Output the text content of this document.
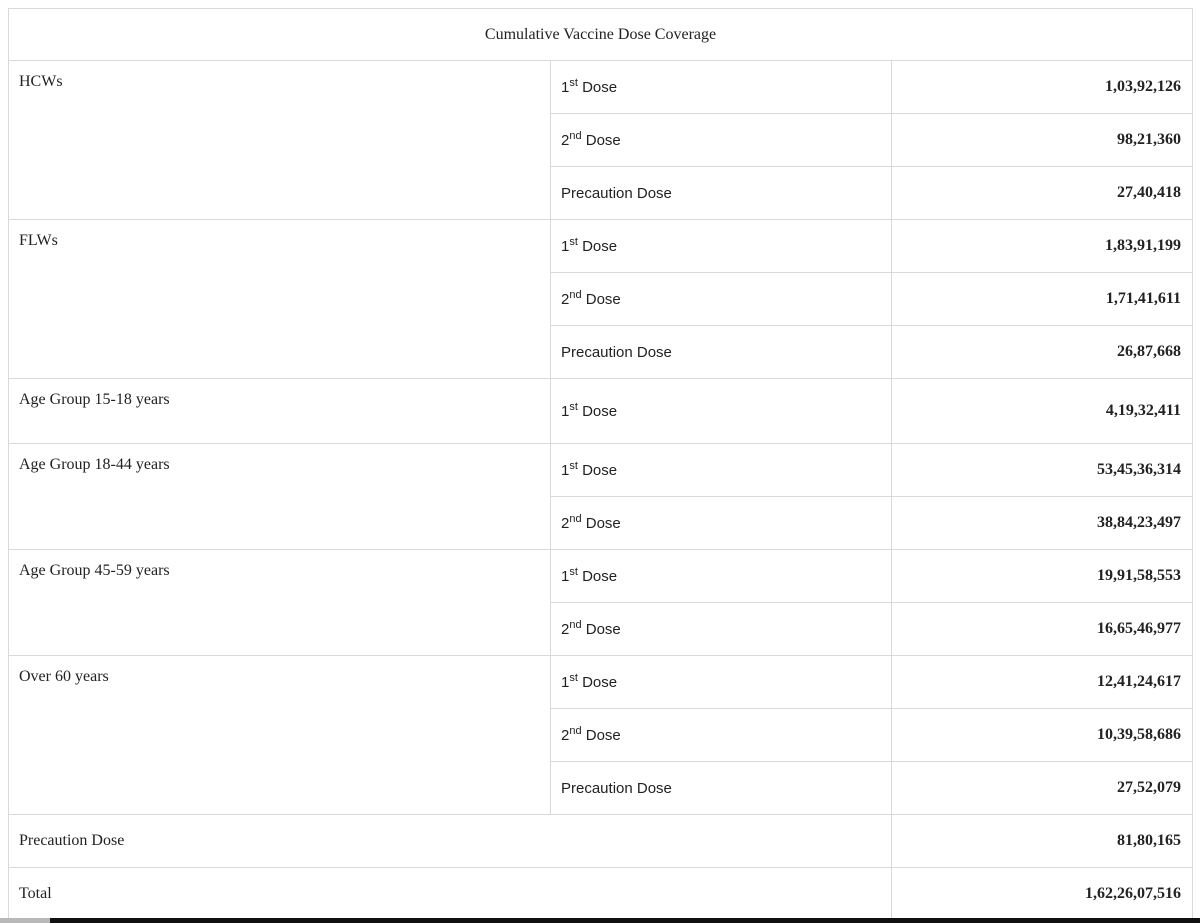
Cumulative Vaccine Dose Coverage		
HCWs	1st Dose	1,03,92,126
	2nd Dose	98,21,360
	Precaution Dose	27,40,418
FLWs	1st Dose	1,83,91,199
	2nd Dose	1,71,41,611
	Precaution Dose	26,87,668
Age Group 15-18 years	1st Dose	4,19,32,411
Age Group 18-44 years	1st Dose	53,45,36,314
	2nd Dose	38,84,23,497
Age Group 45-59 years	1st Dose	19,91,58,553
	2nd Dose	16,65,46,977
Over 60 years	1st Dose	12,41,24,617
	2nd Dose	10,39,58,686
	Precaution Dose	27,52,079
Precaution Dose		81,80,165
Total		1,62,26,07,516
